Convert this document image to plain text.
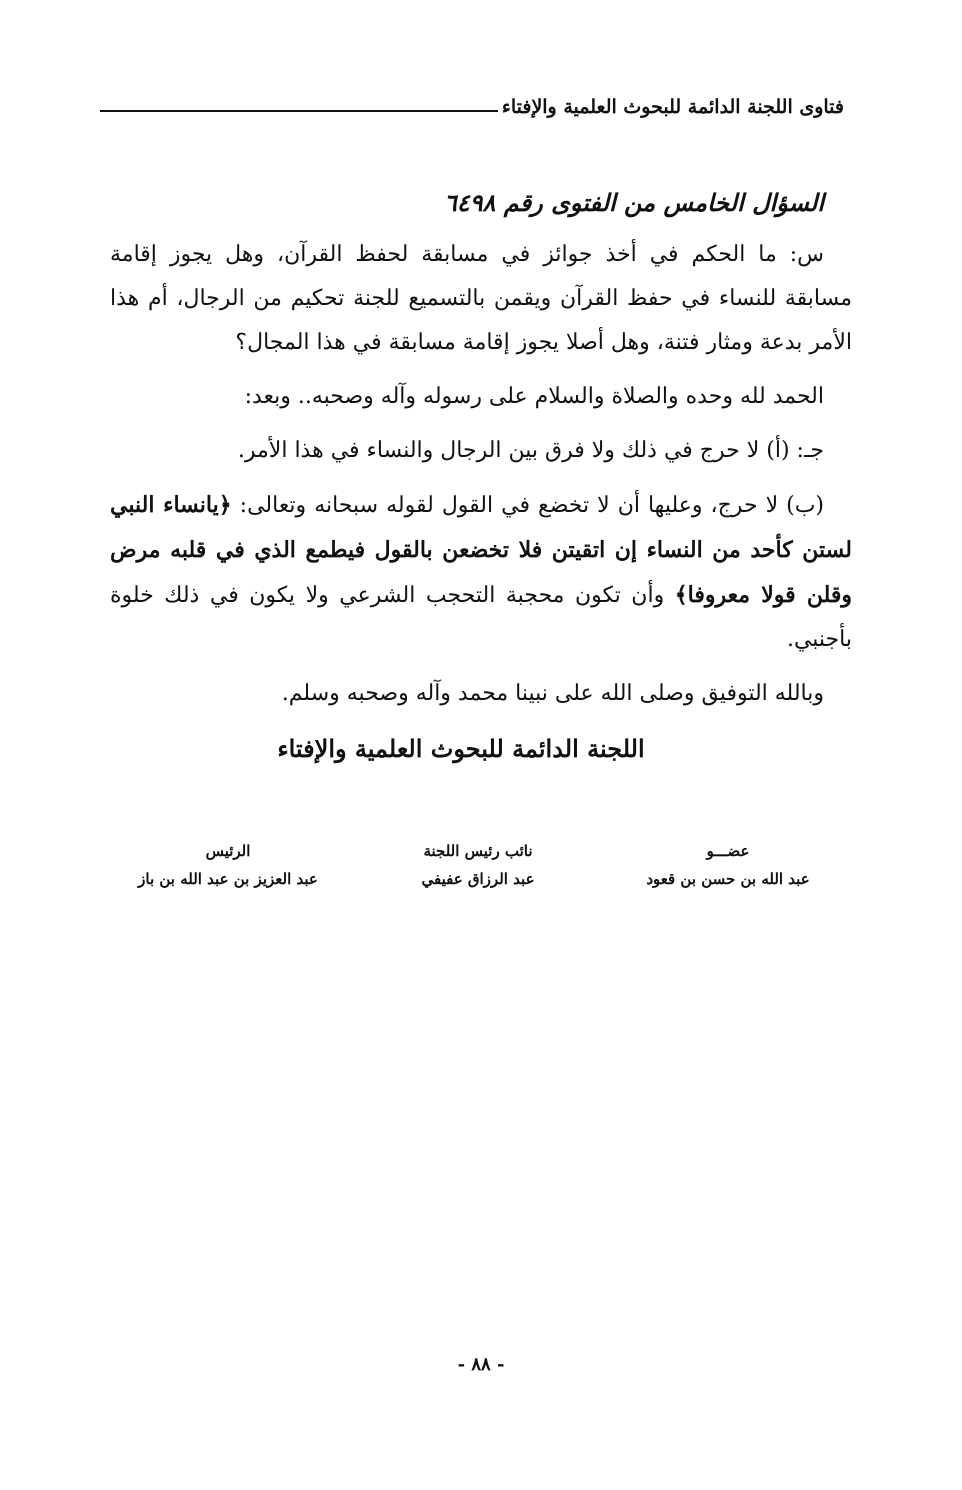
فتاوى اللجنة الدائمة للبحوث العلمية والإفتاء
السؤال الخامس من الفتوى رقم ٦٤٩٨

س: ما الحكم في أخذ جوائز في مسابقة لحفظ القرآن، وهل يجوز إقامة مسابقة للنساء في حفظ القرآن ويقمن بالتسميع للجنة تحكيم من الرجال، أم هذا الأمر بدعة ومثار فتنة، وهل أصلا يجوز إقامة مسابقة في هذا المجال؟

الحمد لله وحده والصلاة والسلام على رسوله وآله وصحبه.. وبعد:

جـ: (أ) لا حرج في ذلك ولا فرق بين الرجال والنساء في هذا الأمر.

(ب) لا حرج، وعليها أن لا تخضع في القول لقوله سبحانه وتعالى: ﴿يانساء النبي لستن كأحد من النساء إن اتقيتن فلا تخضعن بالقول فيطمع الذي في قلبه مرض وقلن قولا معروفا﴾ وأن تكون محجبة التحجب الشرعي ولا يكون في ذلك خلوة بأجنبي.

وبالله التوفيق وصلى الله على نبينا محمد وآله وصحبه وسلم.

اللجنة الدائمة للبحوث العلمية والإفتاء
عضـــو
عبد الله بن حسن بن قعود
نائب رئيس اللجنة
عبد الرزاق عفيفي
الرئيس
عبد العزيز بن عبد الله بن باز
- ٨٨ -
